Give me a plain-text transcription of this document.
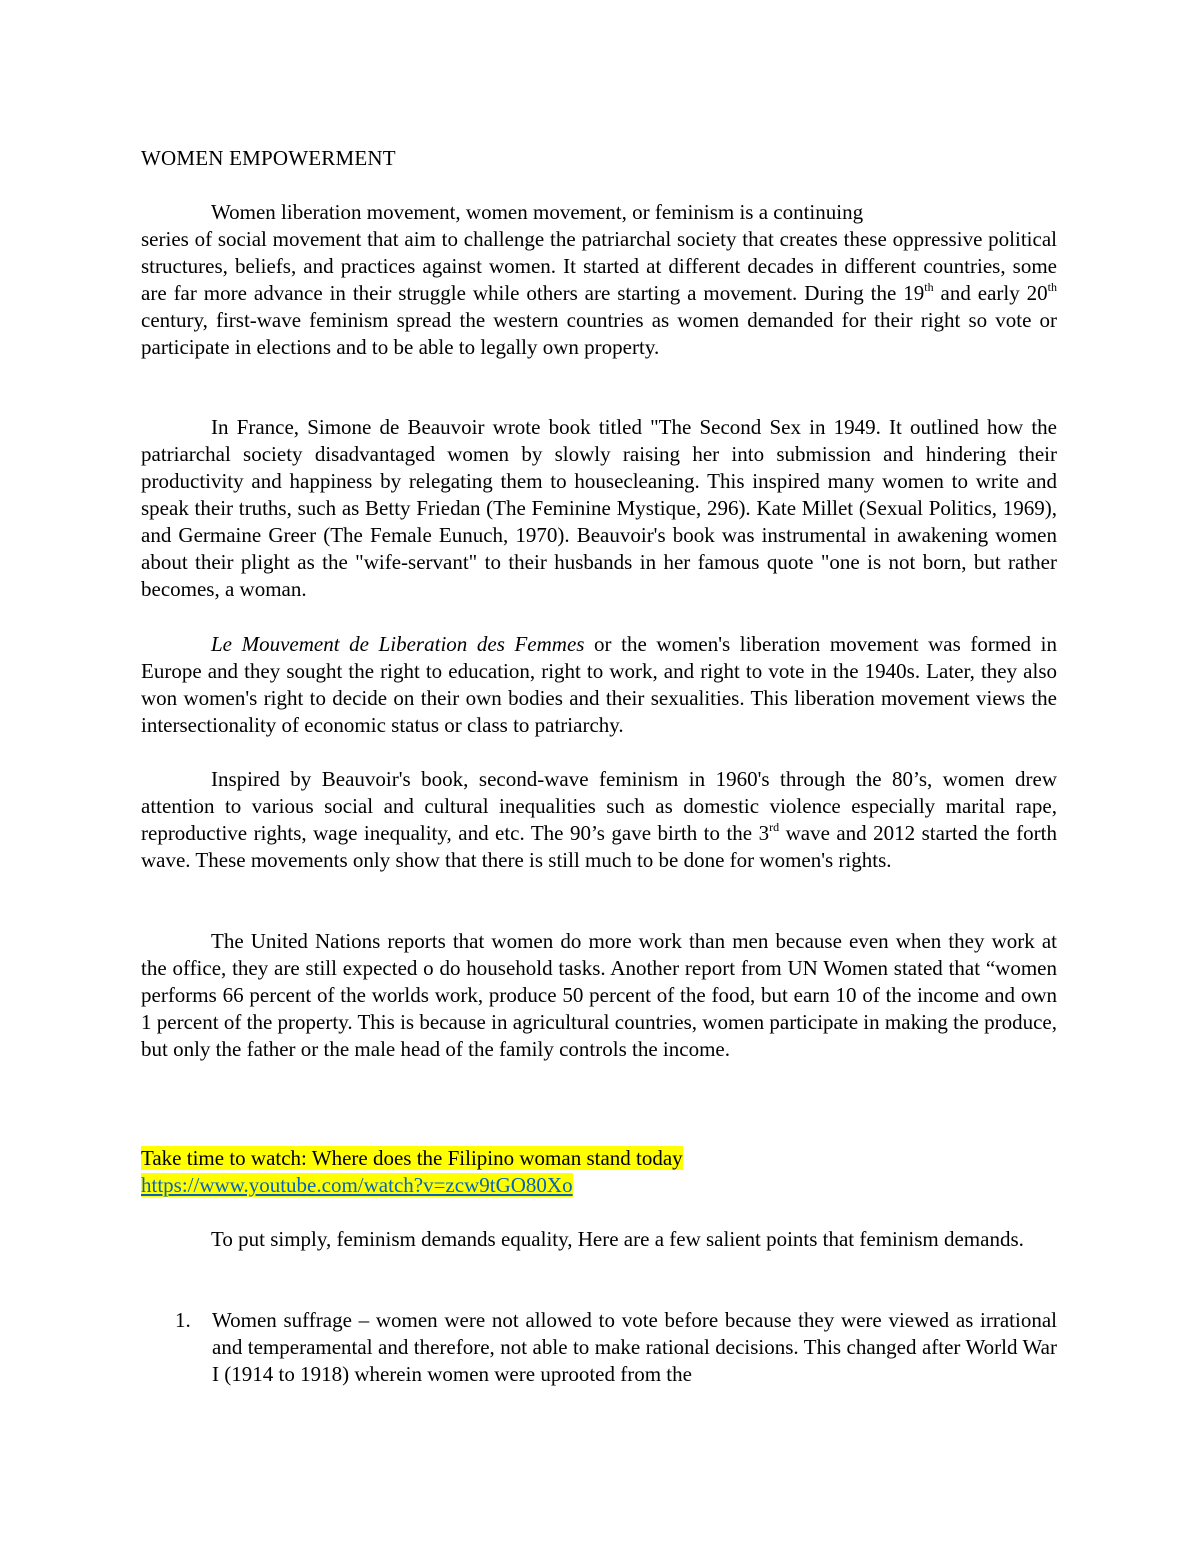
WOMEN EMPOWERMENT

Women liberation movement, women movement, or feminism is a continuing
series of social movement that aim to challenge the patriarchal society that creates these oppressive political structures, beliefs, and practices against women. It started at different decades in different countries, some are far more advance in their struggle while others are starting a movement. During the 19th and early 20th century, first-wave feminism spread the western countries as women demanded for their right so vote or participate in elections and to be able to legally own property.

In France, Simone de Beauvoir wrote book titled "The Second Sex in 1949. It outlined how the patriarchal society disadvantaged women by slowly raising her into submission and hindering their productivity and happiness by relegating them to housecleaning. This inspired many women to write and speak their truths, such as Betty Friedan (The Feminine Mystique, 296). Kate Millet (Sexual Politics, 1969), and Germaine Greer (The Female Eunuch, 1970). Beauvoir's book was instrumental in awakening women about their plight as the "wife-servant" to their husbands in her famous quote "one is not born, but rather becomes, a woman.

Le Mouvement de Liberation des Femmes or the women's liberation movement was formed in Europe and they sought the right to education, right to work, and right to vote in the 1940s. Later, they also won women's right to decide on their own bodies and their sexualities. This liberation movement views the intersectionality of economic status or class to patriarchy.

Inspired by Beauvoir's book, second-wave feminism in 1960's through the 80’s, women drew attention to various social and cultural inequalities such as domestic violence especially marital rape, reproductive rights, wage inequality, and etc. The 90’s gave birth to the 3rd wave and 2012 started the forth wave. These movements only show that there is still much to be done for women's rights.

The United Nations reports that women do more work than men because even when they work at the office, they are still expected o do household tasks. Another report from UN Women stated that “women performs 66 percent of the worlds work, produce 50 percent of the food, but earn 10 of the income and own 1 percent of the property. This is because in agricultural countries, women participate in making the produce, but only the father or the male head of the family controls the income.

Take time to watch: Where does the Filipino woman stand today
https://www.youtube.com/watch?v=zcw9tGO80Xo

To put simply, feminism demands equality, Here are a few salient points that feminism demands.

1. Women suffrage – women were not allowed to vote before because they were viewed as irrational and temperamental and therefore, not able to make rational decisions. This changed after World War I (1914 to 1918) wherein women were uprooted from the
